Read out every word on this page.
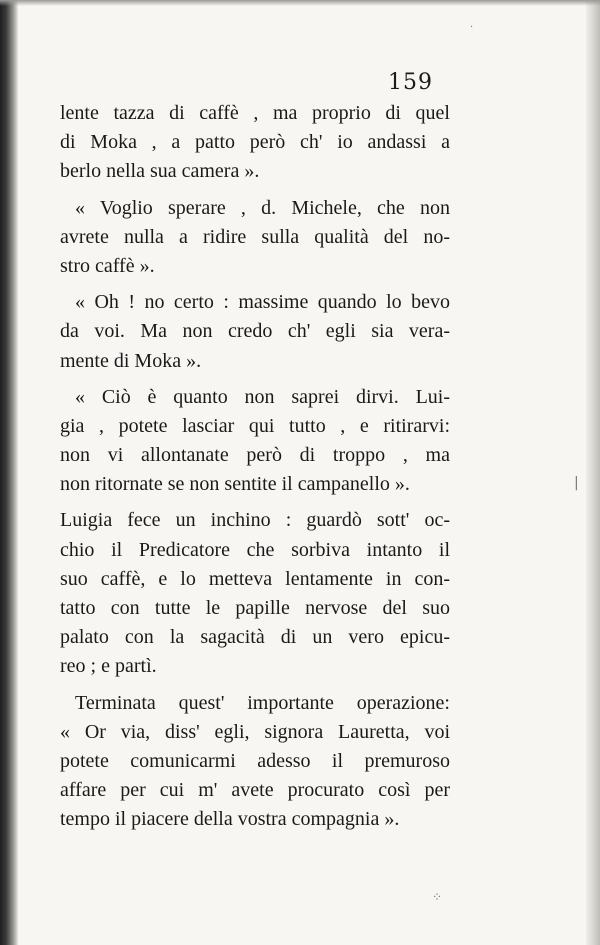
159
lente tazza di caffè , ma proprio di quel
di Moka , a patto però ch' io andassi a
berlo nella sua camera ».
« Voglio sperare , d. Michele, che non
avrete nulla a ridire sulla qualità del no-
stro caffè ».
« Oh ! no certo : massime quando lo bevo
da voi. Ma non credo ch' egli sia vera-
mente di Moka ».
« Ciò è quanto non saprei dirvi. Lui-
gia , potete lasciar qui tutto , e ritirarvi:
non vi allontanate però di troppo , ma
non ritornate se non sentite il campanello ».
Luigia fece un inchino : guardò sott' oc-
chio il Predicatore che sorbiva intanto il
suo caffè, e lo metteva lentamente in con-
tatto con tutte le papille nervose del suo
palato con la sagacità di un vero epicu-
reo ; e partì.
Terminata quest' importante operazione:
« Or via, diss' egli, signora Lauretta, voi
potete comunicarmi adesso il premuroso
affare per cui m' avete procurato così per
tempo il piacere della vostra compagnia ».
·
|
⁘
